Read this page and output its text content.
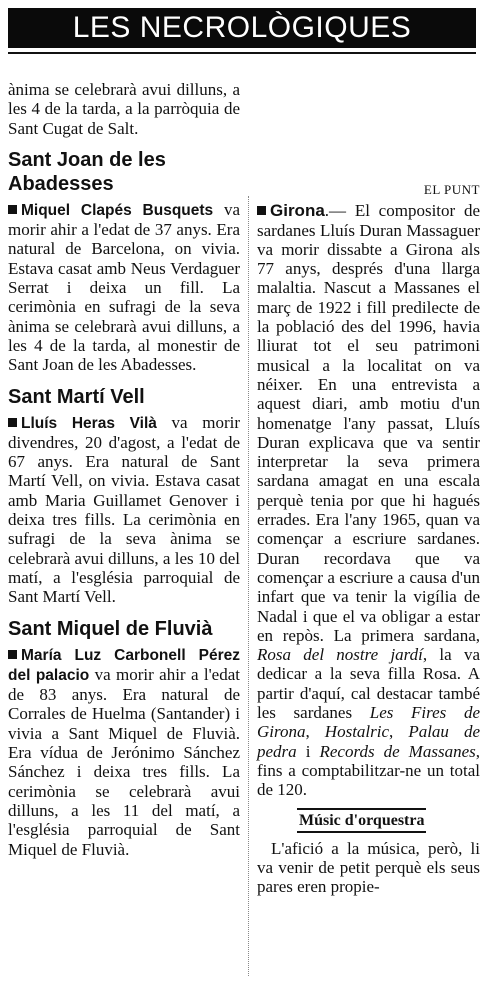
LES NECROLÒGIQUES

ànima se celebrarà avui dilluns, a les 4 de la tarda, a la parròquia de Sant Cugat de Salt.

Sant Joan de les Abadesses

Miquel Clapés Busquets va morir ahir a l'edat de 37 anys. Era natural de Barcelona, on vivia. Estava casat amb Neus Verdaguer Serrat i deixa un fill. La cerimònia en sufragi de la seva ànima se celebrarà avui dilluns, a les 4 de la tarda, al monestir de Sant Joan de les Abadesses.

Sant Martí Vell

Lluís Heras Vilà va morir divendres, 20 d'agost, a l'edat de 67 anys. Era natural de Sant Martí Vell, on vivia. Estava casat amb Maria Guillamet Genover i deixa tres fills. La cerimònia en sufragi de la seva ànima se celebrarà avui dilluns, a les 10 del matí, a l'església parroquial de Sant Martí Vell.

Sant Miquel de Fluvià

María Luz Carbonell Pérez del palacio va morir ahir a l'edat de 83 anys. Era natural de Corrales de Huelma (Santander) i vivia a Sant Miquel de Fluvià. Era vídua de Jerónimo Sánchez Sánchez i deixa tres fills. La cerimònia se celebrarà avui dilluns, a les 11 del matí, a l'església parroquial de Sant Miquel de Fluvià.

EL PUNT

Girona.— El compositor de sardanes Lluís Duran Massaguer va morir dissabte a Girona als 77 anys, després d'una llarga malaltia. Nascut a Massanes el març de 1922 i fill predilecte de la població des del 1996, havia lliurat tot el seu patrimoni musical a la localitat on va néixer. En una entrevista a aquest diari, amb motiu d'un homenatge l'any passat, Lluís Duran explicava que va sentir interpretar la seva primera sardana amagat en una escala perquè tenia por que hi hagués errades. Era l'any 1965, quan va començar a escriure sardanes. Duran recordava que va començar a escriure a causa d'un infart que va tenir la vigília de Nadal i que el va obligar a estar en repòs. La primera sardana, Rosa del nostre jardí, la va dedicar a la seva filla Rosa. A partir d'aquí, cal destacar també les sardanes Les Fires de Girona, Hostalric, Palau de pedra i Records de Massanes, fins a comptabilitzar-ne un total de 120.

Músic d'orquestra

L'afició a la música, però, li va venir de petit perquè els seus pares eren propie-
